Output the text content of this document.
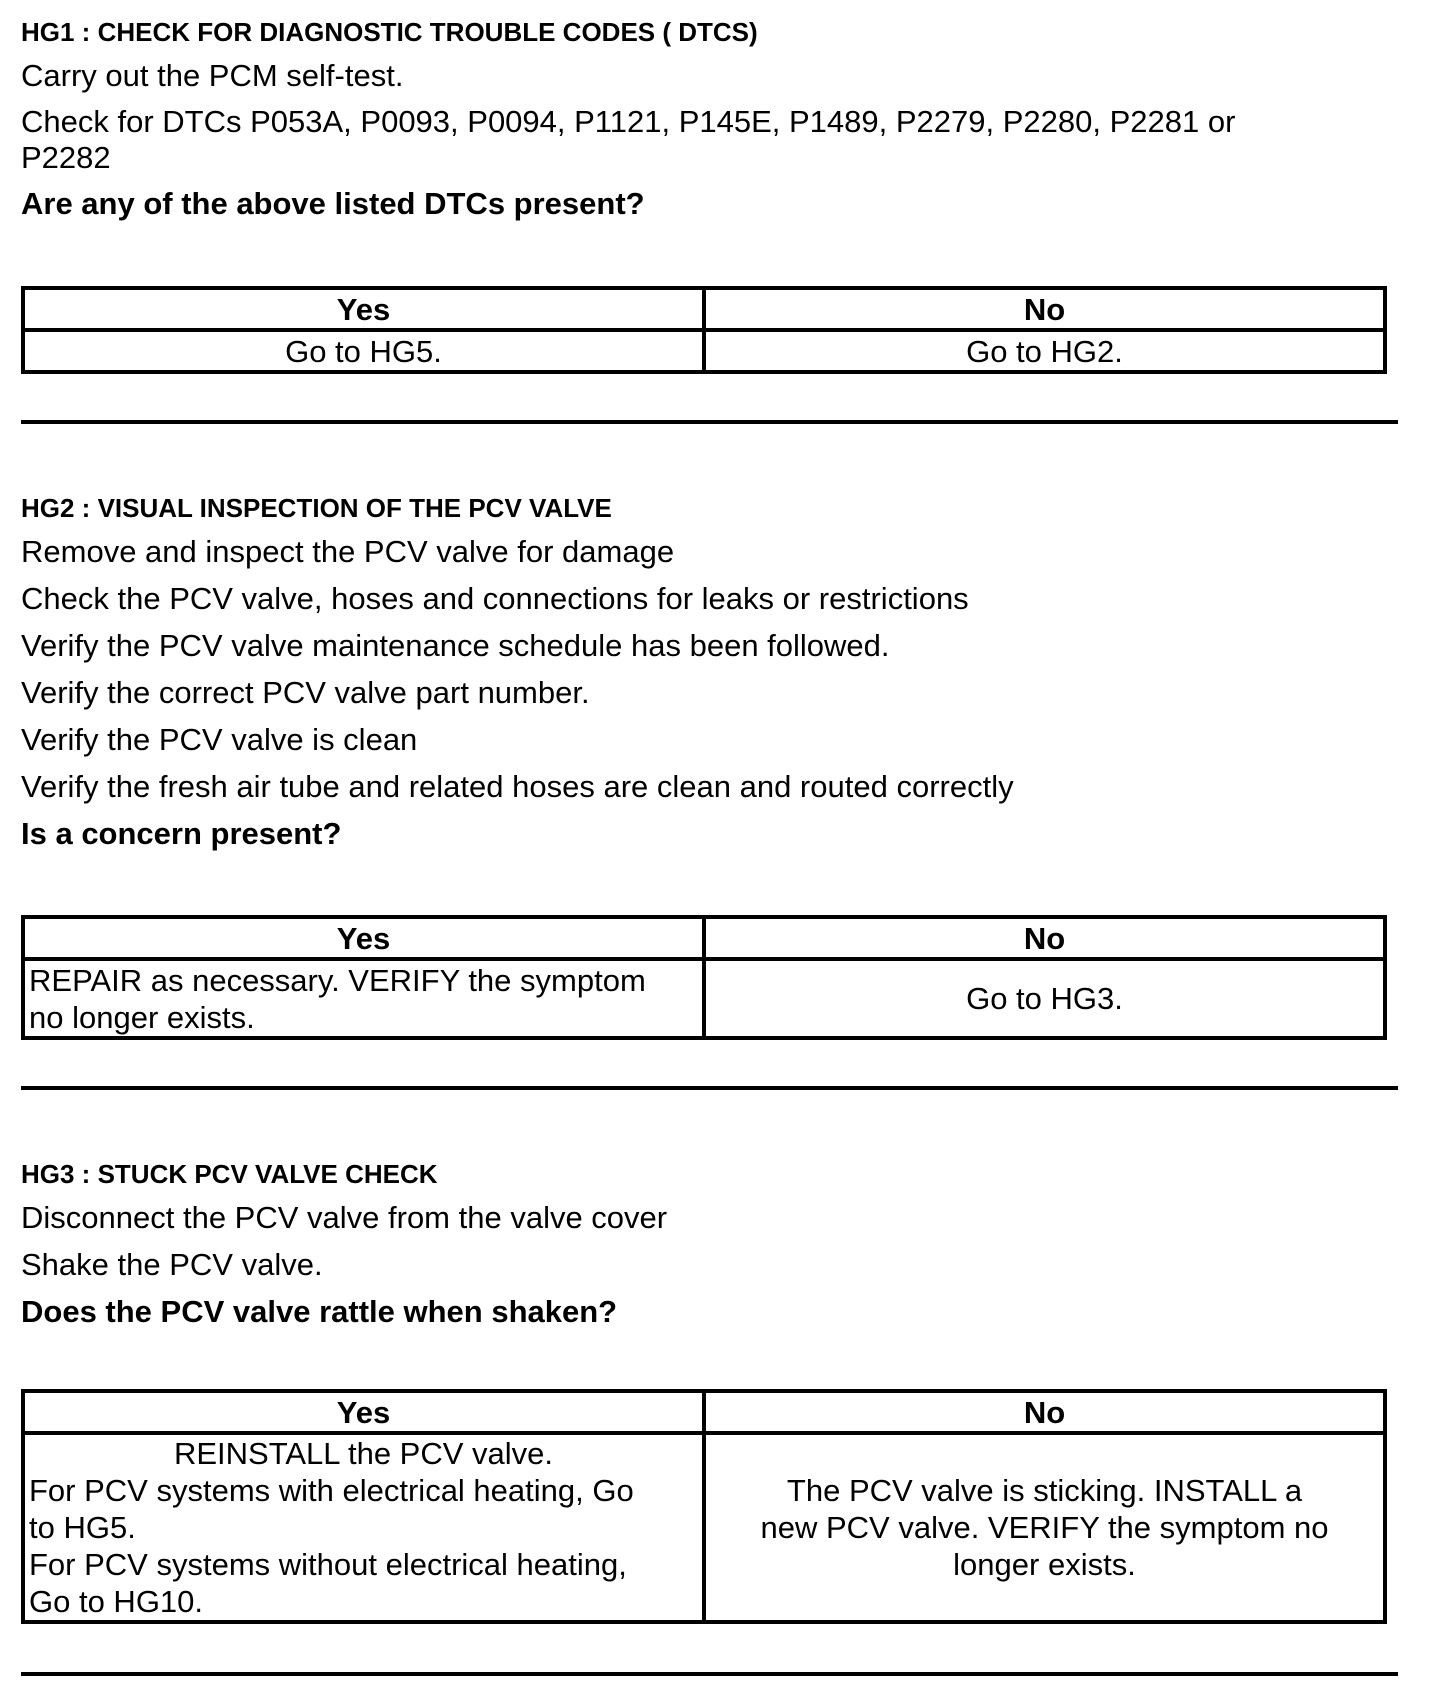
HG1 : CHECK FOR DIAGNOSTIC TROUBLE CODES ( DTCS)
Carry out the PCM self-test.
Check for DTCs P053A, P0093, P0094, P1121, P145E, P1489, P2279, P2280, P2281 or
P2282
Are any of the above listed DTCs present?
Yes	No
Go to HG5.	Go to HG2.
HG2 : VISUAL INSPECTION OF THE PCV VALVE
Remove and inspect the PCV valve for damage
Check the PCV valve, hoses and connections for leaks or restrictions
Verify the PCV valve maintenance schedule has been followed.
Verify the correct PCV valve part number.
Verify the PCV valve is clean
Verify the fresh air tube and related hoses are clean and routed correctly
Is a concern present?
Yes	No

REPAIR as necessary. VERIFY the symptom
no longer exists.	Go to HG3.
HG3 : STUCK PCV VALVE CHECK
Disconnect the PCV valve from the valve cover
Shake the PCV valve.
Does the PCV valve rattle when shaken?
Yes	No

REINSTALL the PCV valve.
For PCV systems with electrical heating, Go
to HG5.
For PCV systems without electrical heating,
Go to HG10.	The PCV valve is sticking. INSTALL a
new PCV valve. VERIFY the symptom no
longer exists.
